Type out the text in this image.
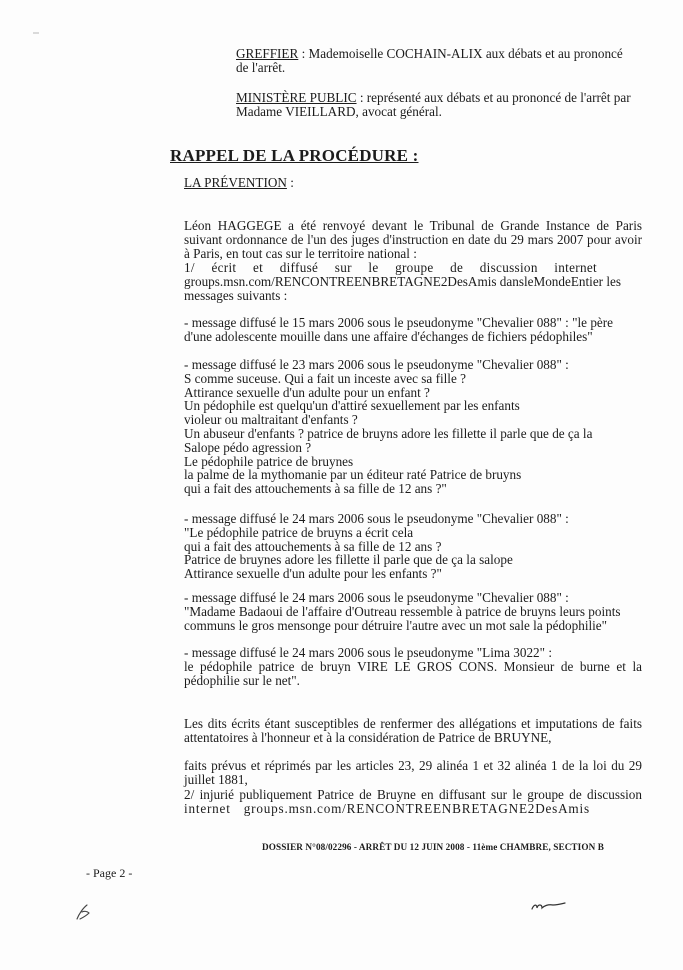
GREFFIER : Mademoiselle COCHAIN-ALIX aux débats et au prononcé

de l'arrêt.

MINISTÈRE PUBLIC : représenté aux débats et au prononcé de l'arrêt par

Madame VIEILLARD, avocat général.

RAPPEL DE LA PROCÉDURE :
LA PRÉVENTION :

Léon HAGGEGE a été renvoyé devant le Tribunal de Grande Instance de Paris suivant ordonnance de l'un des juges d'instruction en date du 29 mars 2007 pour avoir à Paris, en tout cas sur le territoire national :

1/ écrit et diffusé sur le groupe de discussion internet

groups.msn.com/RENCONTREENBRETAGNE2DesAmis dansleMondeEntier les

messages suivants :

- message diffusé le 15 mars 2006 sous le pseudonyme "Chevalier 088" : "le père

d'une adolescente mouille dans une affaire d'échanges de fichiers pédophiles"

- message diffusé le 23 mars 2006 sous le pseudonyme "Chevalier 088" :

S comme suceuse. Qui a fait un inceste avec sa fille ?

Attirance sexuelle d'un adulte pour un enfant ?

Un pédophile est quelqu'un d'attiré sexuellement par les enfants

violeur ou maltraitant d'enfants ?

Un abuseur d'enfants ? patrice de bruyns adore les fillette il parle que de ça la

Salope pédo agression ?

Le pédophile patrice de bruynes

la palme de la mythomanie par un éditeur raté Patrice de bruyns

qui a fait des attouchements à sa fille de 12 ans ?"

- message diffusé le 24 mars 2006 sous le pseudonyme "Chevalier 088" :

"Le pédophile patrice de bruyns a écrit cela

qui a fait des attouchements à sa fille de 12 ans ?

Patrice de bruynes adore les fillette il parle que de ça la salope

Attirance sexuelle d'un adulte pour les enfants ?"

- message diffusé le 24 mars 2006 sous le pseudonyme "Chevalier 088" :

"Madame Badaoui de l'affaire d'Outreau ressemble à patrice de bruyns leurs points

communs le gros mensonge pour détruire l'autre avec un mot sale la pédophilie"

- message diffusé le 24 mars 2006 sous le pseudonyme "Lima 3022" :

le pédophile patrice de bruyn VIRE LE GROS CONS. Monsieur de burne et la

pédophilie sur le net".

Les dits écrits étant susceptibles de renfermer des allégations et imputations de faits attentatoires à l'honneur et à la considération de Patrice de BRUYNE,

faits prévus et réprimés par les articles 23, 29 alinéa 1 et 32 alinéa 1 de la loi du 29 juillet 1881,

2/ injurié publiquement Patrice de Bruyne en diffusant sur le groupe de discussion

internet groups.msn.com/RENCONTREENBRETAGNE2DesAmis

DOSSIER N°08/02296 - ARRÊT DU 12 JUIN 2008 - 11ème CHAMBRE, SECTION B
- Page 2 -
